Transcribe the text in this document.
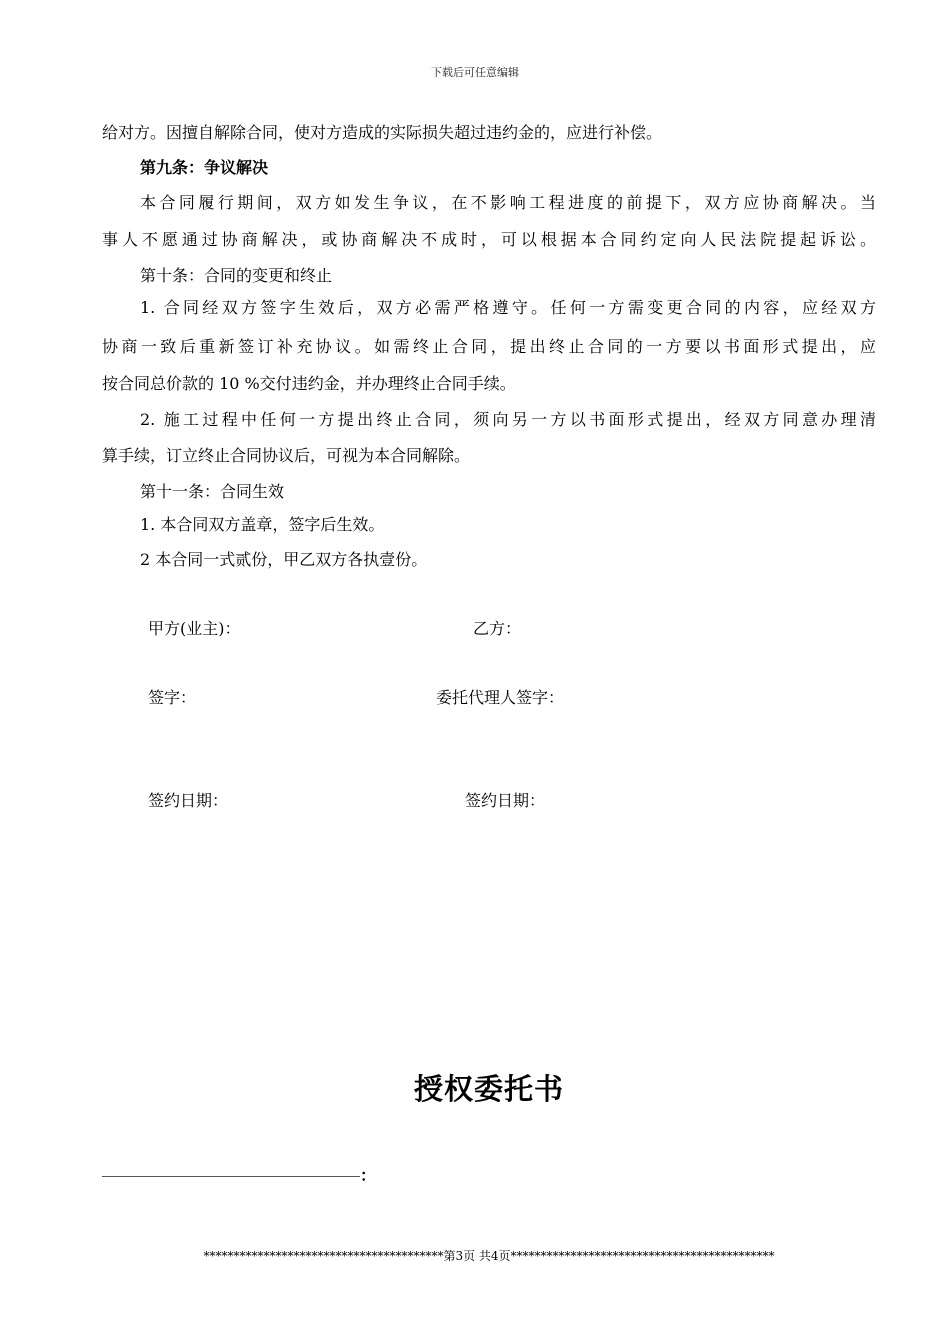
下载后可任意编辑
给对方。因擅自解除合同，使对方造成的实际损失超过违约金的，应进行补偿。
第九条：争议解决
本合同履行期间，双方如发生争议，在不影响工程进度的前提下，双方应协商解决。当
事人不愿通过协商解决，或协商解决不成时，可以根据本合同约定向人民法院提起诉讼。
第十条：合同的变更和终止
1. 合同经双方签字生效后，双方必需严格遵守。任何一方需变更合同的内容，应经双方
协商一致后重新签订补充协议。如需终止合同，提出终止合同的一方要以书面形式提出，应
按合同总价款的 10 %交付违约金，并办理终止合同手续。
2. 施工过程中任何一方提出终止合同，须向另一方以书面形式提出，经双方同意办理清
算手续，订立终止合同协议后，可视为本合同解除。
第十一条：合同生效
1. 本合同双方盖章，签字后生效。
2 本合同一式贰份，甲乙双方各执壹份。
甲方(业主)：	乙方：
签字：	委托代理人签字：
签约日期：	签约日期：
授权委托书
：
****************************************第3页 共4页********************************************
